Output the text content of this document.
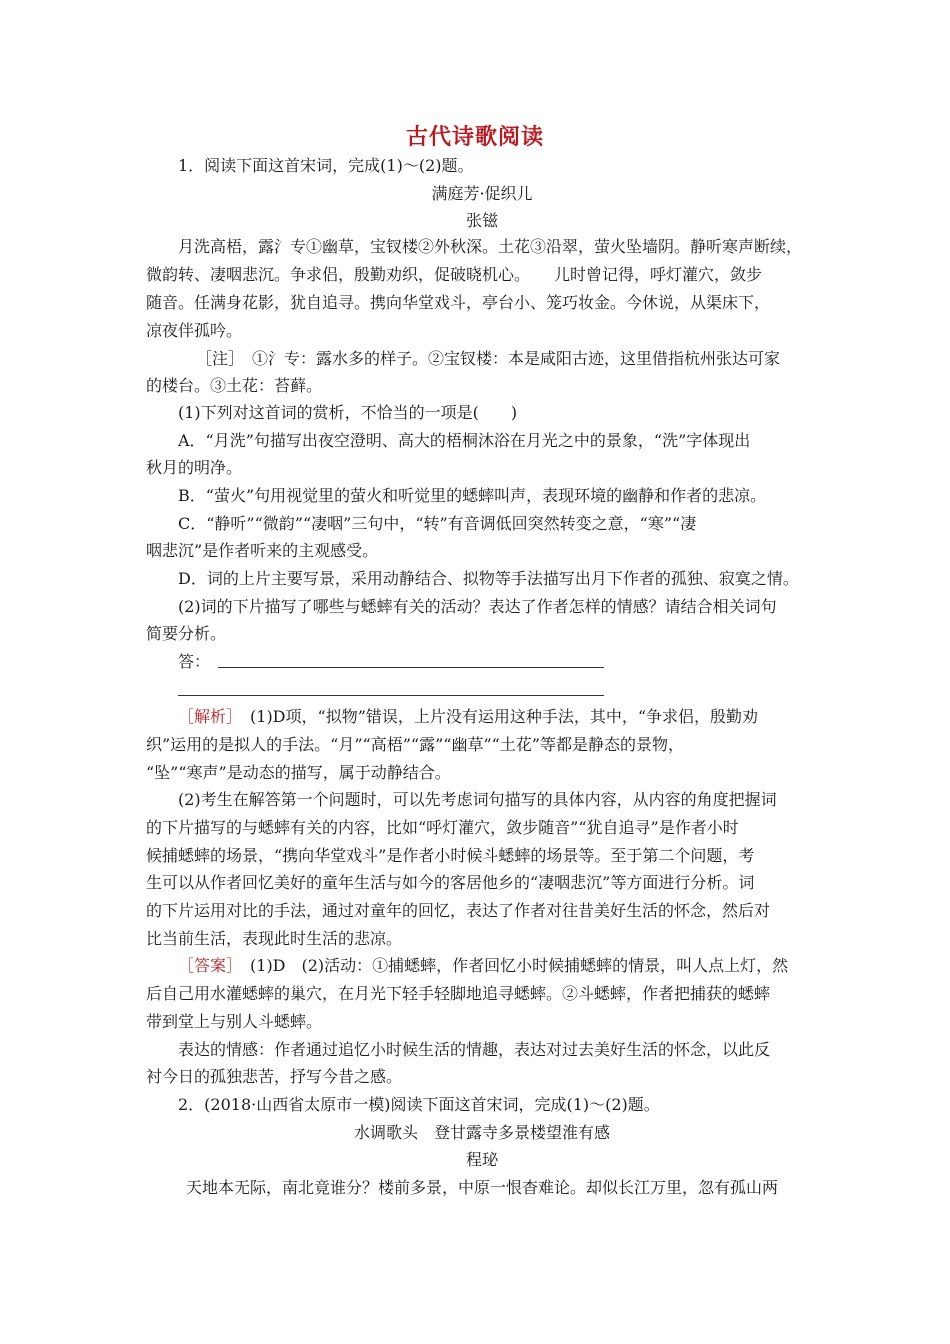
古代诗歌阅读
1．阅读下面这首宋词，完成(1)～(2)题。
满庭芳·促织儿
张镃
月洗高梧，露氵专①幽草，宝钗楼②外秋深。土花③沿翠，萤火坠墙阴。静听寒声断续，
微韵转、凄咽悲沉。争求侣，殷勤劝织，促破晓机心。　　儿时曾记得，呼灯灌穴，敛步
随音。任满身花影，犹自追寻。携向华堂戏斗，亭台小、笼巧妆金。今休说，从渠床下，
凉夜伴孤吟。
［注］　①氵专：露水多的样子。②宝钗楼：本是咸阳古迹，这里借指杭州张达可家
的楼台。③土花：苔藓。
(1)下列对这首词的赏析，不恰当的一项是(　　)
A．“月洗”句描写出夜空澄明、高大的梧桐沐浴在月光之中的景象，“洗”字体现出
秋月的明净。
B．“萤火”句用视觉里的萤火和听觉里的蟋蟀叫声，表现环境的幽静和作者的悲凉。
C．“静听”“微韵”“凄咽”三句中，“转”有音调低回突然转变之意，“寒”“凄
咽悲沉”是作者听来的主观感受。
D．词的上片主要写景，采用动静结合、拟物等手法描写出月下作者的孤独、寂寞之情。
(2)词的下片描写了哪些与蟋蟀有关的活动？表达了作者怎样的情感？请结合相关词句
简要分析。
答：
［解析］　(1)D项，“拟物”错误，上片没有运用这种手法，其中，“争求侣，殷勤劝
织”运用的是拟人的手法。“月”“高梧”“露”“幽草”“土花”等都是静态的景物，
“坠”“寒声”是动态的描写，属于动静结合。
(2)考生在解答第一个问题时，可以先考虑词句描写的具体内容，从内容的角度把握词
的下片描写的与蟋蟀有关的内容，比如“呼灯灌穴，敛步随音”“犹自追寻”是作者小时
候捕蟋蟀的场景，“携向华堂戏斗”是作者小时候斗蟋蟀的场景等。至于第二个问题，考
生可以从作者回忆美好的童年生活与如今的客居他乡的“凄咽悲沉”等方面进行分析。词
的下片运用对比的手法，通过对童年的回忆，表达了作者对往昔美好生活的怀念，然后对
比当前生活，表现此时生活的悲凉。
［答案］　(1)D　(2)活动：①捕蟋蟀，作者回忆小时候捕蟋蟀的情景，叫人点上灯，然
后自己用水灌蟋蟀的巢穴，在月光下轻手轻脚地追寻蟋蟀。②斗蟋蟀，作者把捕获的蟋蟀
带到堂上与别人斗蟋蟀。
表达的情感：作者通过追忆小时候生活的情趣，表达对过去美好生活的怀念，以此反
衬今日的孤独悲苦，抒写今昔之感。
2．(2018·山西省太原市一模)阅读下面这首宋词，完成(1)～(2)题。
水调歌头　登甘露寺多景楼望淮有感
程珌
天地本无际，南北竟谁分？楼前多景，中原一恨杳难论。却似长江万里，忽有孤山两
